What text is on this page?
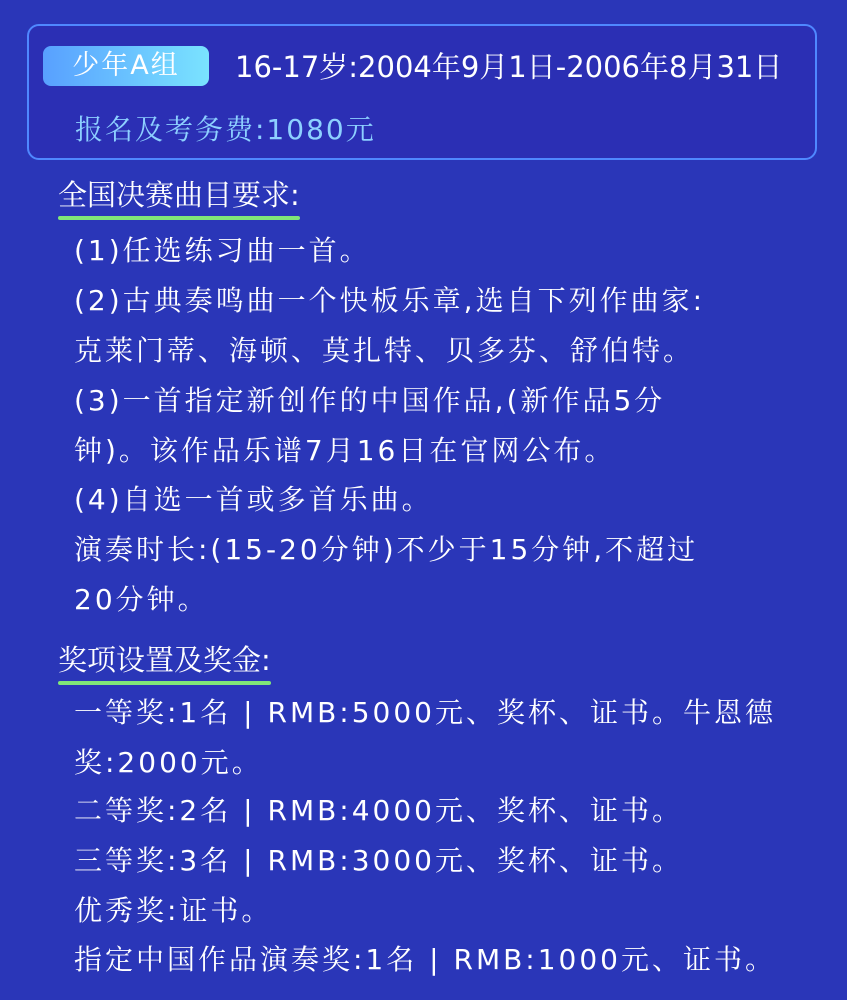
少年A组	16-17岁:2004年9月1日-2006年8月31日
报名及考务费:1080元
全国决赛曲目要求:
(1)任选练习曲一首。
(2)古典奏鸣曲一个快板乐章,选自下列作曲家:
克莱门蒂、海顿、莫扎特、贝多芬、舒伯特。
(3)一首指定新创作的中国作品,(新作品5分
钟)。该作品乐谱7月16日在官网公布。
(4)自选一首或多首乐曲。
演奏时长:(15-20分钟)不少于15分钟,不超过
20分钟。
奖项设置及奖金:
一等奖:1名 | RMB:5000元、奖杯、证书。牛恩德
奖:2000元。
二等奖:2名 | RMB:4000元、奖杯、证书。
三等奖:3名 | RMB:3000元、奖杯、证书。
优秀奖:证书。
指定中国作品演奏奖:1名 | RMB:1000元、证书。
